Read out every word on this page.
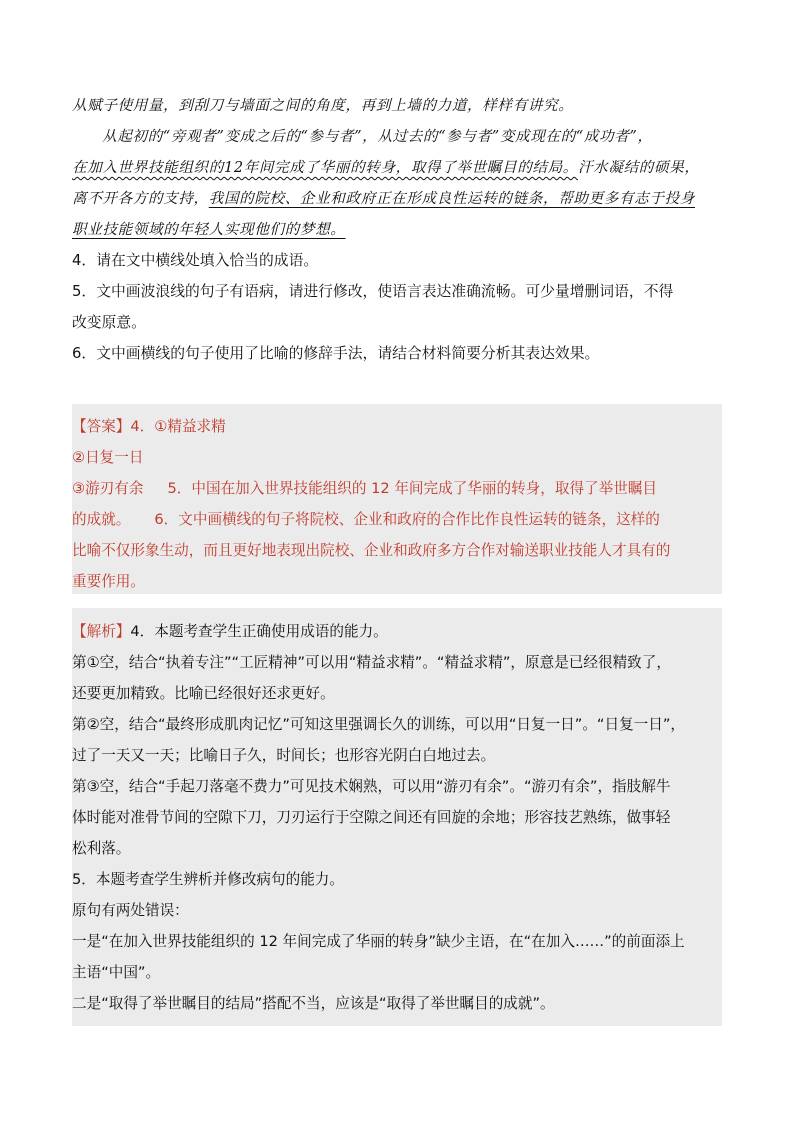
从赋子使用量，到刮刀与墙面之间的角度，再到上墙的力道，样样有讲究。

从起初的“旁观者”变成之后的“参与者”，从过去的“参与者”变成现在的“成功者”，

在加入世界技能组织的12年间完成了华丽的转身，取得了举世瞩目的结局。汗水凝结的硕果，

离不开各方的支持，我国的院校、企业和政府正在形成良性运转的链条，帮助更多有志于投身

职业技能领域的年轻人实现他们的梦想。

4．请在文中横线处填入恰当的成语。

5．文中画波浪线的句子有语病，请进行修改，使语言表达准确流畅。可少量增删词语，不得

改变原意。

6．文中画横线的句子使用了比喻的修辞手法，请结合材料简要分析其表达效果。

【答案】4．①精益求精

②日复一日

③游刃有余 5．中国在加入世界技能组织的 12 年间完成了华丽的转身，取得了举世瞩目

的成就。 6．文中画横线的句子将院校、企业和政府的合作比作良性运转的链条，这样的

比喻不仅形象生动，而且更好地表现出院校、企业和政府多方合作对输送职业技能人才具有的

重要作用。

【解析】4．本题考查学生正确使用成语的能力。

第①空，结合“执着专注”“工匠精神”可以用“精益求精”。“精益求精”，原意是已经很精致了，

还要更加精致。比喻已经很好还求更好。

第②空，结合“最终形成肌肉记忆”可知这里强调长久的训练，可以用“日复一日”。“日复一日”，

过了一天又一天；比喻日子久，时间长；也形容光阴白白地过去。

第③空，结合“手起刀落毫不费力”可见技术娴熟，可以用“游刃有余”。“游刃有余”，指肢解牛

体时能对准骨节间的空隙下刀，刀刃运行于空隙之间还有回旋的余地；形容技艺熟练，做事轻

松利落。

5．本题考查学生辨析并修改病句的能力。

原句有两处错误：

一是“在加入世界技能组织的 12 年间完成了华丽的转身”缺少主语，在“在加入……”的前面添上

主语“中国”。

二是“取得了举世瞩目的结局”搭配不当，应该是“取得了举世瞩目的成就”。
